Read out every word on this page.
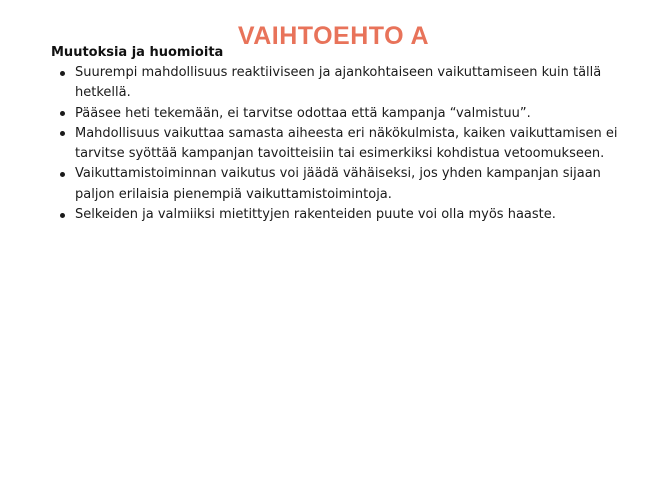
VAIHTOEHTO A
Muutoksia ja huomioita
Suurempi mahdollisuus reaktiiviseen ja ajankohtaiseen vaikuttamiseen kuin tällä hetkellä.
Pääsee heti tekemään, ei tarvitse odottaa että kampanja “valmistuu”.
Mahdollisuus vaikuttaa samasta aiheesta eri näkökulmista, kaiken vaikuttamisen ei tarvitse syöttää kampanjan tavoitteisiin tai esimerkiksi kohdistua vetoomukseen.
Vaikuttamistoiminnan vaikutus voi jäädä vähäiseksi, jos yhden kampanjan sijaan paljon erilaisia pienempiä vaikuttamistoimintoja.
Selkeiden ja valmiiksi mietittyjen rakenteiden puute voi olla myös haaste.
